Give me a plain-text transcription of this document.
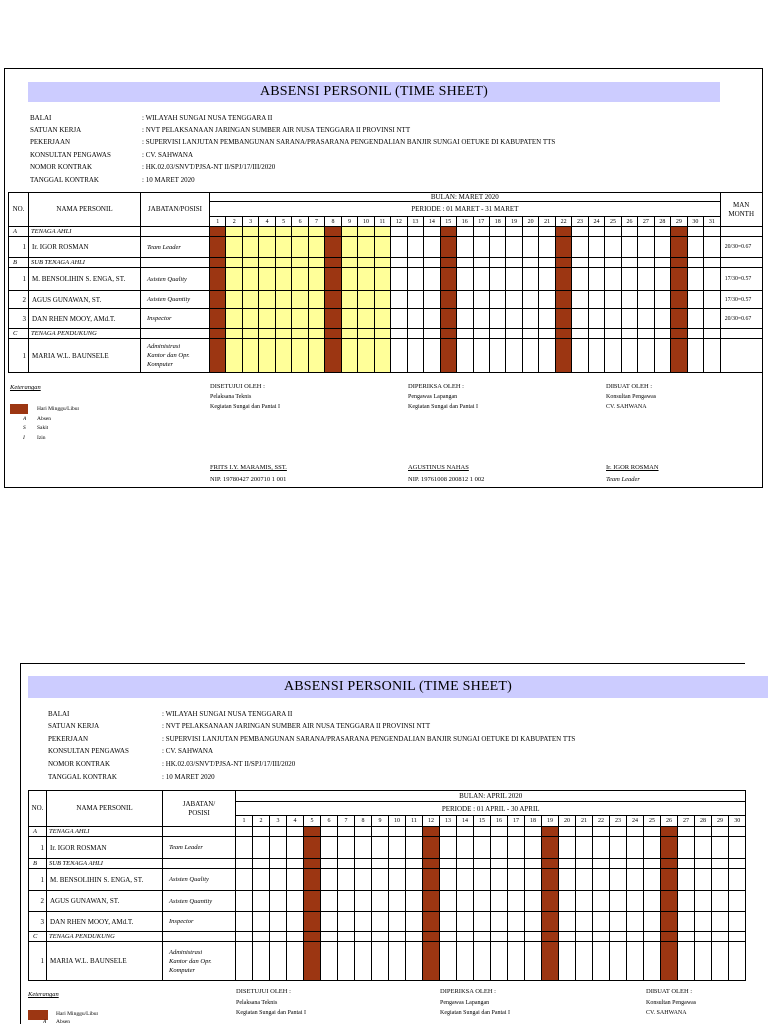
ABSENSI PERSONIL (TIME SHEET)
BALAI	: WILAYAH SUNGAI NUSA TENGGARA II
SATUAN KERJA	: NVT PELAKSANAAN JARINGAN SUMBER AIR NUSA TENGGARA II PROVINSI NTT
PEKERJAAN	: SUPERVISI LANJUTAN PEMBANGUNAN SARANA/PRASARANA PENGENDALIAN BANJIR SUNGAI OETUKE DI KABUPATEN TTS
KONSULTAN PENGAWAS	: CV. SAHWANA
NOMOR KONTRAK	: HK.02.03/SNVT/PJSA-NT II/SPJ/17/III/2020
TANGGAL KONTRAK	: 10 MARET 2020
NO.	NAMA PERSONIL	JABATAN/POSISI	BULAN: MARET 2020																															MAN
MONTH
			PERIODE : 01 MARET - 31 MARET																															
			1	2	3	4	5	6	7	8	9	10	11	12	13	14	15	16	17	18	19	20	21	22	23	24	25	26	27	28	29	30	31	
A	TENAGA AHLI																																	
1	Ir. IGOR ROSMAN	Team Leader																																20/30=0.67
B	SUB TENAGA AHLI																																	
1	M. BENSOLIHIN S. ENGA, ST.	Asisten Quality																																17/30=0.57
2	AGUS GUNAWAN, ST.	Asisten Quantity																																17/30=0.57
3	DAN RHEN MOOY, AMd.T.	Inspector																																20/30=0.67
C	TENAGA PENDUKUNG																																	
1	MARIA W.L. BAUNSELE	Administrasi
Kantor dan Opr.
Komputer																																
Keterangan
Hari Minggu/Libur
A Absen
S Sakit
I Izin
DISETUJUI OLEH :
Pelaksana Teknis
Kegiatan Sungai dan Pantai I
FRITS I.Y. MARAMIS, SST.
NIP. 19780427 200710 1 001
DIPERIKSA OLEH :
Pengawas Lapangan
Kegiatan Sungai dan Pantai I
AGUSTINUS NAHAS
NIP. 19761008 200812 1 002
DIBUAT OLEH :
Konsultan Pengawas
CV. SAHWANA
Ir. IGOR ROSMAN
Team Leader
ABSENSI PERSONIL (TIME SHEET)
BALAI	: WILAYAH SUNGAI NUSA TENGGARA II
SATUAN KERJA	: NVT PELAKSANAAN JARINGAN SUMBER AIR NUSA TENGGARA II PROVINSI NTT
PEKERJAAN	: SUPERVISI LANJUTAN PEMBANGUNAN SARANA/PRASARANA PENGENDALIAN BANJIR SUNGAI OETUKE DI KABUPATEN TTS
KONSULTAN PENGAWAS	: CV. SAHWANA
NOMOR KONTRAK	: HK.02.03/SNVT/PJSA-NT II/SPJ/17/III/2020
TANGGAL KONTRAK	: 10 MARET 2020
NO.	NAMA PERSONIL	JABATAN/
POSISI	BULAN: APRIL 2020																													
			PERIODE : 01 APRIL - 30 APRIL																													
			1	2	3	4	5	6	7	8	9	10	11	12	13	14	15	16	17	18	19	20	21	22	23	24	25	26	27	28	29	30
A	TENAGA AHLI																															
1	Ir. IGOR ROSMAN	Team Leader																														
B	SUB TENAGA AHLI																															
1	M. BENSOLIHIN S. ENGA, ST.	Asisten Quality																														
2	AGUS GUNAWAN, ST.	Asisten Quantity																														
3	DAN RHEN MOOY, AMd.T.	Inspector																														
C	TENAGA PENDUKUNG																															
1	MARIA W.L. BAUNSELE	Administrasi
Kantor dan Opr.
Komputer																														
Keterangan
Hari Minggu/Libur
A Absen
DISETUJUI OLEH :
Pelaksana Teknis
Kegiatan Sungai dan Pantai I
DIPERIKSA OLEH :
Pengawas Lapangan
Kegiatan Sungai dan Pantai I
DIBUAT OLEH :
Konsultan Pengawas
CV. SAHWANA
